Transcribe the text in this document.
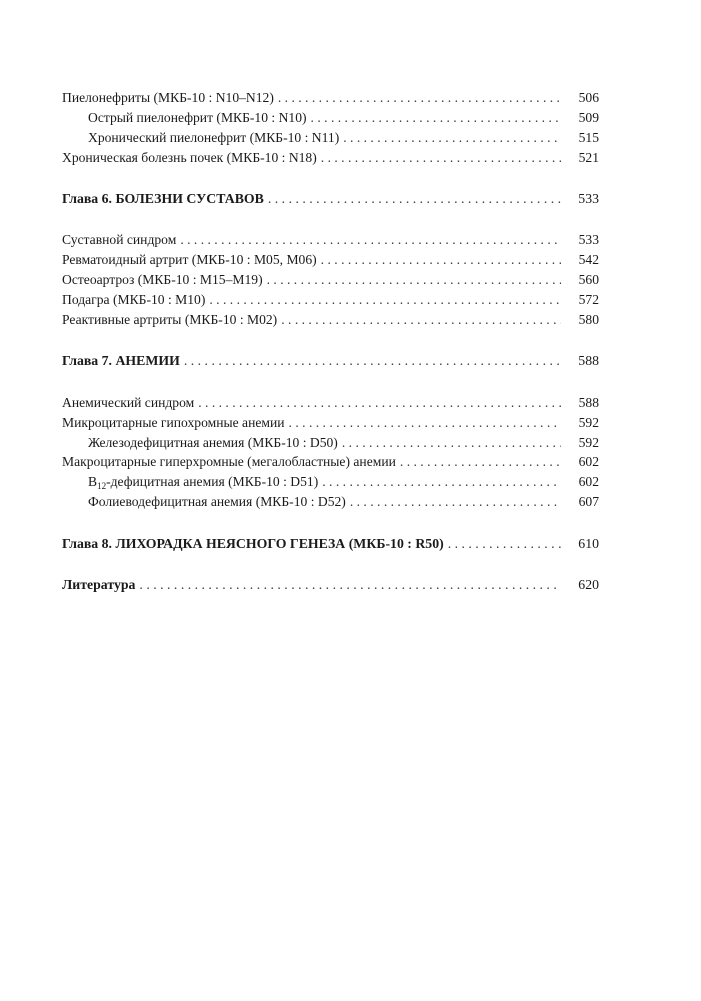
Пиелонефриты (МКБ-10 : N10–N12) . . .	506
Острый пиелонефрит (МКБ-10 : N10) . . .	509
Хронический пиелонефрит (МКБ-10 : N11) . . .	515
Хроническая болезнь почек (МКБ-10 : N18) . . .	521
Глава 6. БОЛЕЗНИ СУСТАВОВ . . .	533
Суставной синдром . . .	533
Ревматоидный артрит (МКБ-10 : М05, М06) . . .	542
Остеоартроз (МКБ-10 : М15–М19) . . .	560
Подагра (МКБ-10 : М10) . . .	572
Реактивные артриты (МКБ-10 : М02) . . .	580
Глава 7. АНЕМИИ . . .	588
Анемический синдром . . .	588
Микроцитарные гипохромные анемии . . .	592
Железодефицитная анемия (МКБ-10 : D50) . . .	592
Макроцитарные гиперхромные (мегалобластные) анемии . . .	602
$B_{12}$-дефицитная анемия (МКБ-10 : D51) . . .	602
Фолиеводефицитная анемия (МКБ-10 : D52) . . .	607
Глава 8. ЛИХОРАДКА НЕЯСНОГО ГЕНЕЗА (МКБ-10 : R50) . . .	610
Литература . . .	620
